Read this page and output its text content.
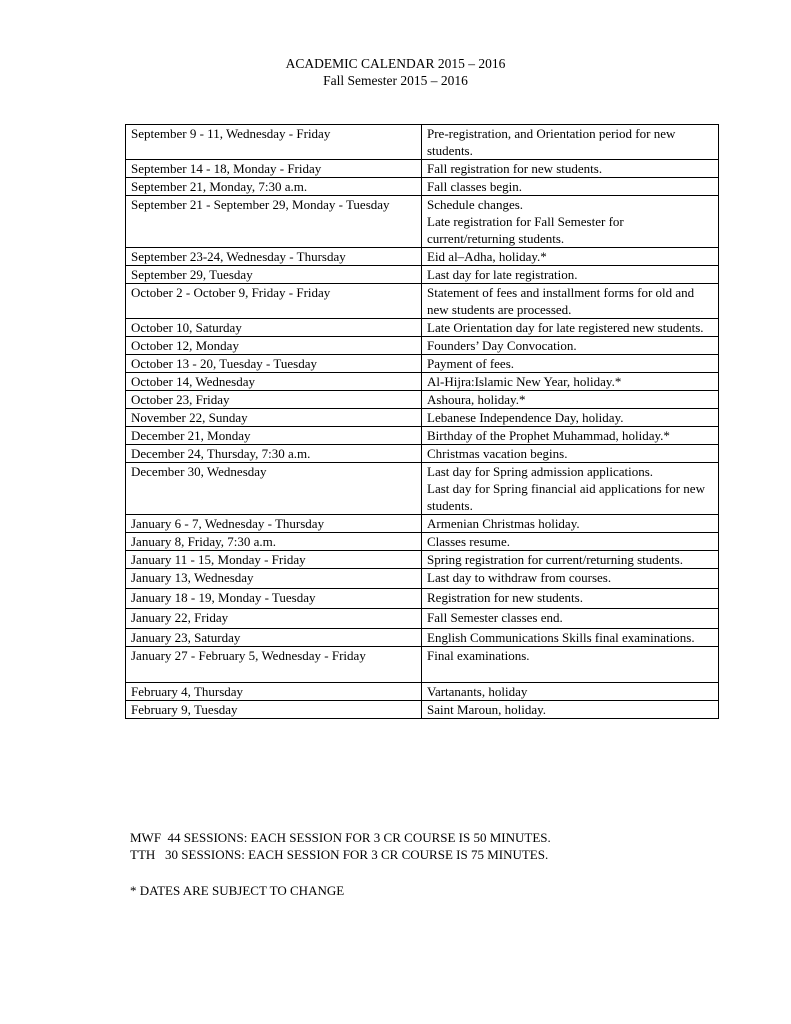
ACADEMIC CALENDAR 2015 – 2016
Fall Semester 2015 – 2016
September 9 - 11, Wednesday - Friday	Pre-registration, and Orientation period for new students.
September 14 - 18, Monday - Friday	Fall registration for new students.
September 21, Monday, 7:30 a.m.	Fall classes begin.
September 21 - September 29, Monday - Tuesday	Schedule changes.
Late registration for Fall Semester for current/returning students.
September 23-24, Wednesday - Thursday	Eid al–Adha, holiday.*
September 29, Tuesday	Last day for late registration.
October 2 - October 9, Friday - Friday	Statement of fees and installment forms for old and new students are processed.
October 10, Saturday	Late Orientation day for late registered new students.
October 12, Monday	Founders’ Day Convocation.
October 13 - 20, Tuesday - Tuesday	Payment of fees.
October 14, Wednesday	Al-Hijra:Islamic New Year, holiday.*
October 23, Friday	Ashoura, holiday.*
November 22, Sunday	Lebanese Independence Day, holiday.
December 21, Monday	Birthday of the Prophet Muhammad, holiday.*
December 24, Thursday, 7:30 a.m.	Christmas vacation begins.
December 30, Wednesday	Last day for Spring admission applications.
Last day for Spring financial aid applications for new students.
January 6 - 7, Wednesday - Thursday	Armenian Christmas holiday.
January 8, Friday, 7:30 a.m.	Classes resume.
January 11 - 15, Monday - Friday	Spring registration for current/returning students.
January 13, Wednesday	Last day to withdraw from courses.
January 18 - 19, Monday - Tuesday	Registration for new students.
January 22, Friday	Fall Semester classes end.
January 23, Saturday	English Communications Skills final examinations.
January 27 - February 5, Wednesday - Friday	Final examinations.
February 4, Thursday	Vartanants, holiday
February 9, Tuesday	Saint Maroun, holiday.
MWF  44 SESSIONS: EACH SESSION FOR 3 CR COURSE IS 50 MINUTES.
TTH   30 SESSIONS: EACH SESSION FOR 3 CR COURSE IS 75 MINUTES.
* DATES ARE SUBJECT TO CHANGE
